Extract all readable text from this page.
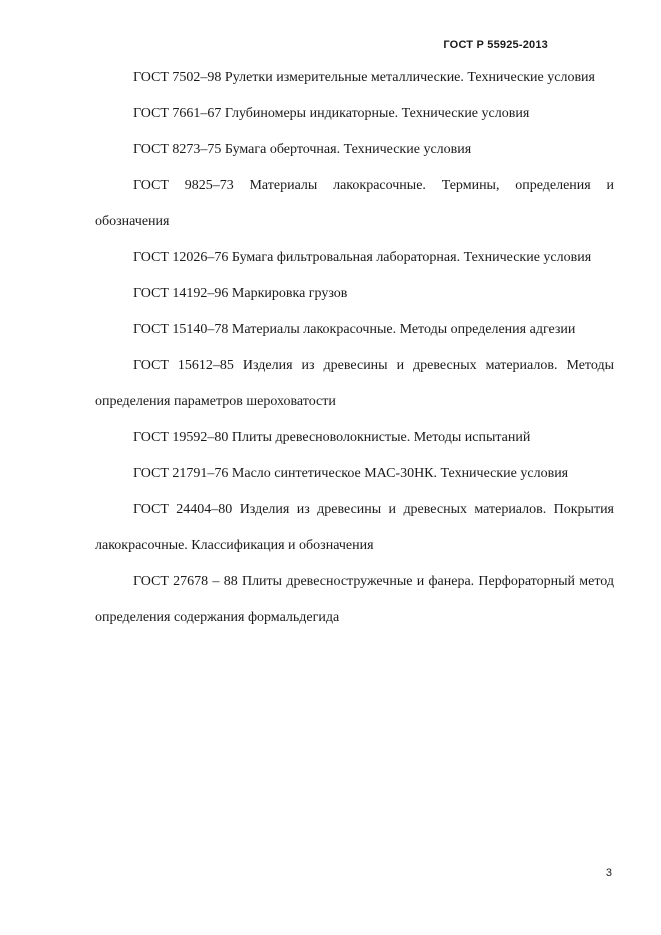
ГОСТ Р 55925-2013
ГОСТ 7502–98 Рулетки измерительные металлические. Технические условия
ГОСТ 7661–67 Глубиномеры индикаторные. Технические условия
ГОСТ 8273–75 Бумага оберточная. Технические условия
ГОСТ 9825–73 Материалы лакокрасочные. Термины, определения и обозначения
ГОСТ 12026–76 Бумага фильтровальная лабораторная. Технические условия
ГОСТ 14192–96 Маркировка грузов
ГОСТ 15140–78 Материалы лакокрасочные. Методы определения адгезии
ГОСТ 15612–85 Изделия из древесины и древесных материалов. Методы определения параметров шероховатости
ГОСТ 19592–80 Плиты древесноволокнистые. Методы испытаний
ГОСТ 21791–76 Масло синтетическое МАС-30НК. Технические условия
ГОСТ 24404–80 Изделия из древесины и древесных материалов. Покрытия лакокрасочные. Классификация и обозначения
ГОСТ 27678 – 88 Плиты древесностружечные и фанера. Перфораторный метод определения содержания формальдегида
3
